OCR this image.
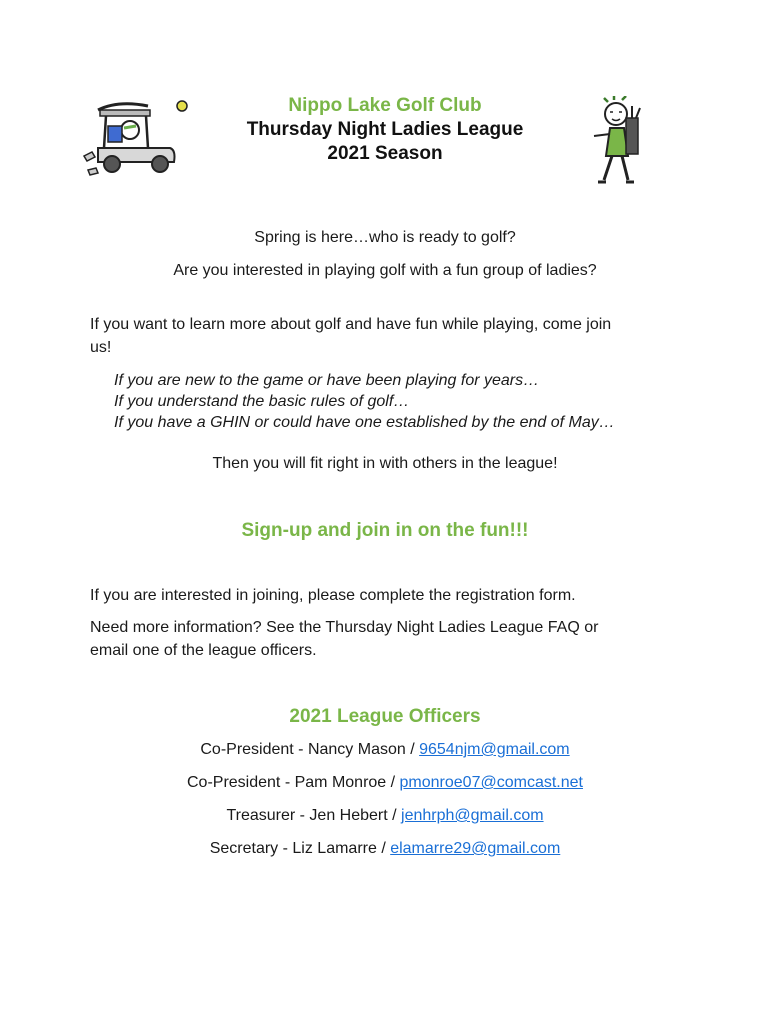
Nippo Lake Golf Club
Thursday Night Ladies League
2021 Season
Spring is here…who is ready to golf?
Are you interested in playing golf with a fun group of ladies?
If you want to learn more about golf and have fun while playing, come join
us!
If you are new to the game or have been playing for years…
If you understand the basic rules of golf…
If you have a GHIN or could have one established by the end of May…
Then you will fit right in with others in the league!
Sign-up and join in on the fun!!!
If you are interested in joining, please complete the registration form.
Need more information? See the Thursday Night Ladies League FAQ or
email one of the league officers.
2021 League Officers
Co-President - Nancy Mason / 9654njm@gmail.com
Co-President - Pam Monroe / pmonroe07@comcast.net
Treasurer - Jen Hebert / jenhrph@gmail.com
Secretary - Liz Lamarre / elamarre29@gmail.com
